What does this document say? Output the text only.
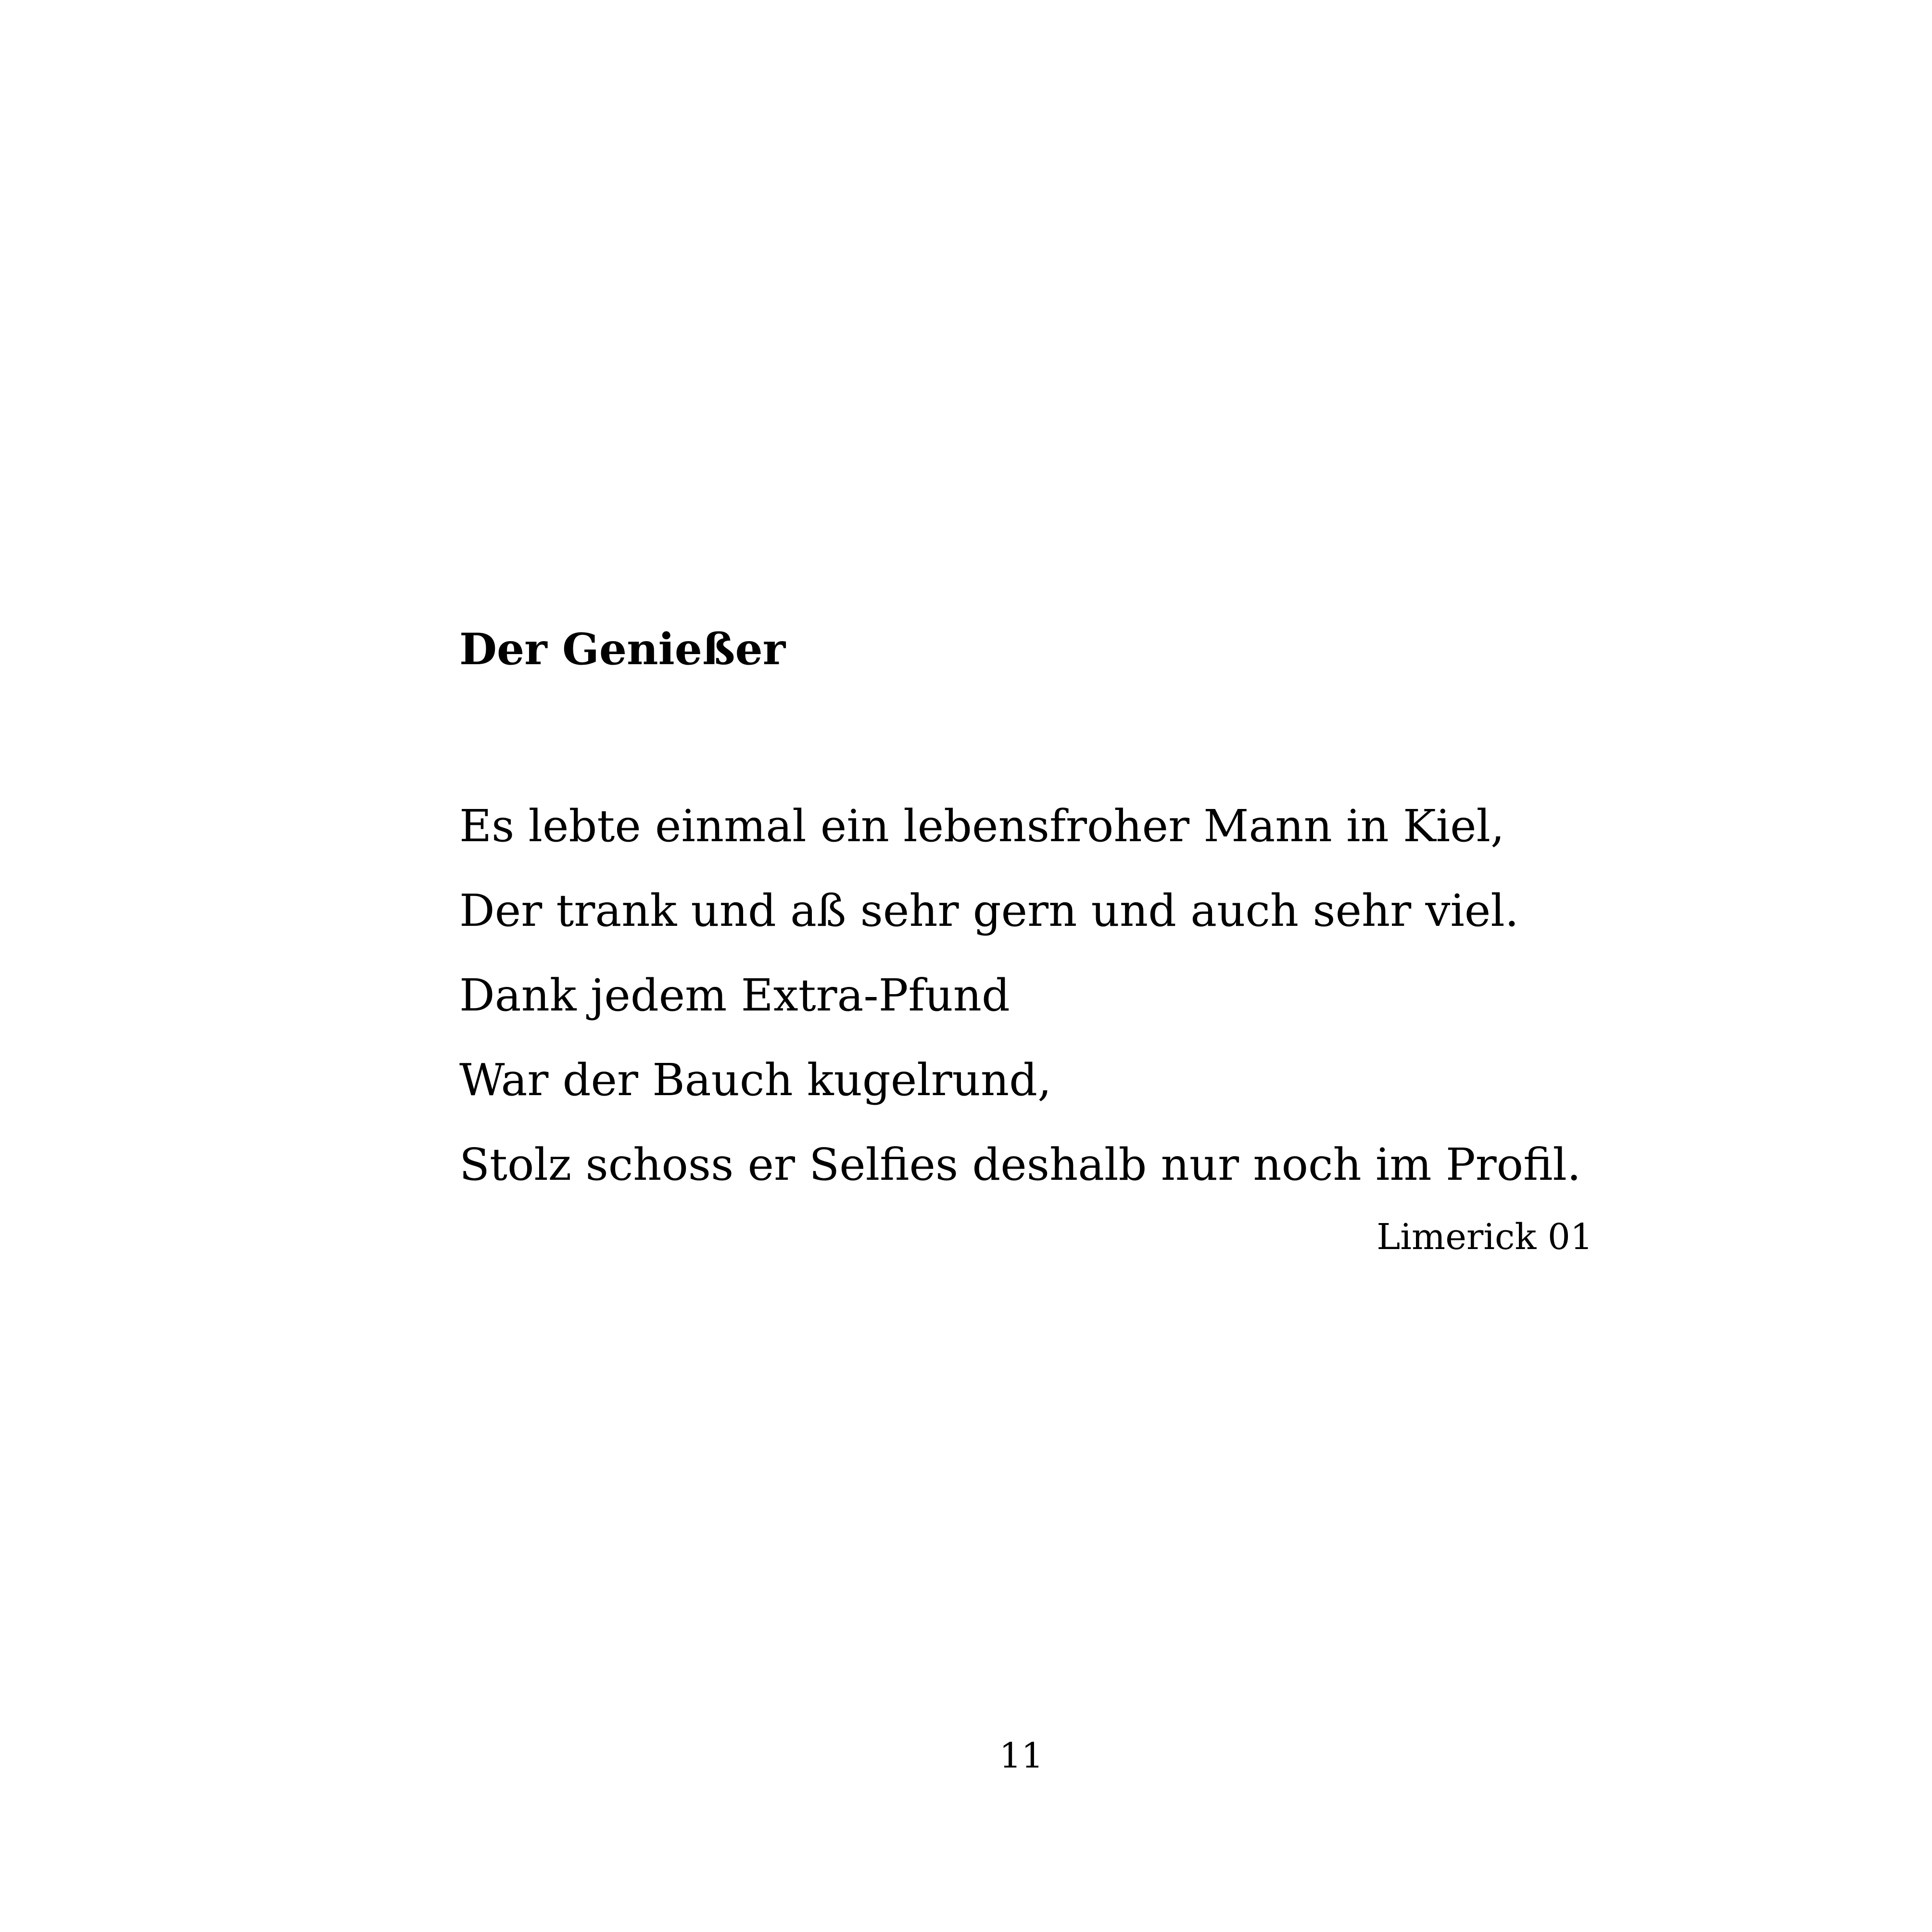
Der Genießer
Es lebte einmal ein lebensfroher Mann in Kiel,
Der trank und aß sehr gern und auch sehr viel.
Dank jedem Extra-Pfund
War der Bauch kugelrund,
Stolz schoss er Selfies deshalb nur noch im Profil.

Limerick 01

11
